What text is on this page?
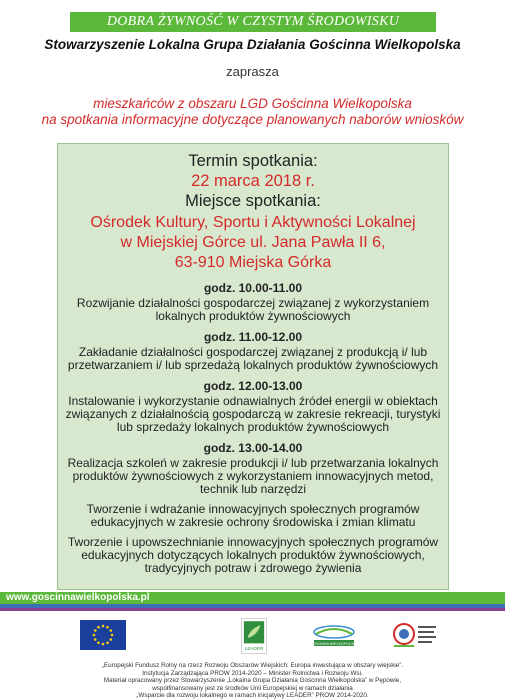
DOBRA ŻYWNOŚĆ W CZYSTYM ŚRODOWISKU
Stowarzyszenie Lokalna Grupa Działania Gościnna Wielkopolska
zaprasza
mieszkańców z obszaru LGD Gościnna Wielkopolska
na spotkania informacyjne dotyczące planowanych naborów wniosków
Termin spotkania:
22 marca 2018 r.
Miejsce spotkania:
Ośrodek Kultury, Sportu i Aktywności Lokalnej
w Miejskiej Górce ul. Jana Pawła II 6,
63-910 Miejska Górka
godz. 10.00-11.00
Rozwijanie działalności gospodarczej związanej z wykorzystaniem
lokalnych produktów żywnościowych
godz. 11.00-12.00
Zakładanie działalności gospodarczej związanej z produkcją i/ lub
przetwarzaniem i/ lub sprzedażą lokalnych produktów żywnościowych
godz. 12.00-13.00
Instalowanie i wykorzystanie odnawialnych źródeł energii w obiektach
związanych z działalnością gospodarczą w zakresie rekreacji, turystyki
lub sprzedaży lokalnych produktów żywnościowych
godz. 13.00-14.00
Realizacja szkoleń w zakresie produkcji i/ lub przetwarzania lokalnych
produktów żywnościowych z wykorzystaniem innowacyjnych metod,
technik lub narzędzi
Tworzenie i wdrażanie innowacyjnych społecznych programów
edukacyjnych w zakresie ochrony środowiska i zmian klimatu
Tworzenie i upowszechnianie innowacyjnych społecznych programów
edukacyjnych dotyczących lokalnych produktów żywnościowych,
tradycyjnych potraw i zdrowego żywienia
www.goscinnawielkopolska.pl
LEADER
GOŚCINNA WIELKOPOLSKA
„Europejski Fundusz Rolny na rzecz Rozwoju Obszarów Wiejskich: Europa inwestująca w obszary wiejskie”.
Instytucja Zarządzająca PROW 2014-2020 – Minister Rolnictwa i Rozwoju Wsi.
Materiał opracowany przez Stowarzyszenie „Lokalna Grupa Działania Gościnna Wielkopolska” w Pępowie,
współfinansowany jest ze środków Unii Europejskiej w ramach działania
„Wsparcie dla rozwoju lokalnego w ramach inicjatywy LEADER” PROW 2014-2020.
